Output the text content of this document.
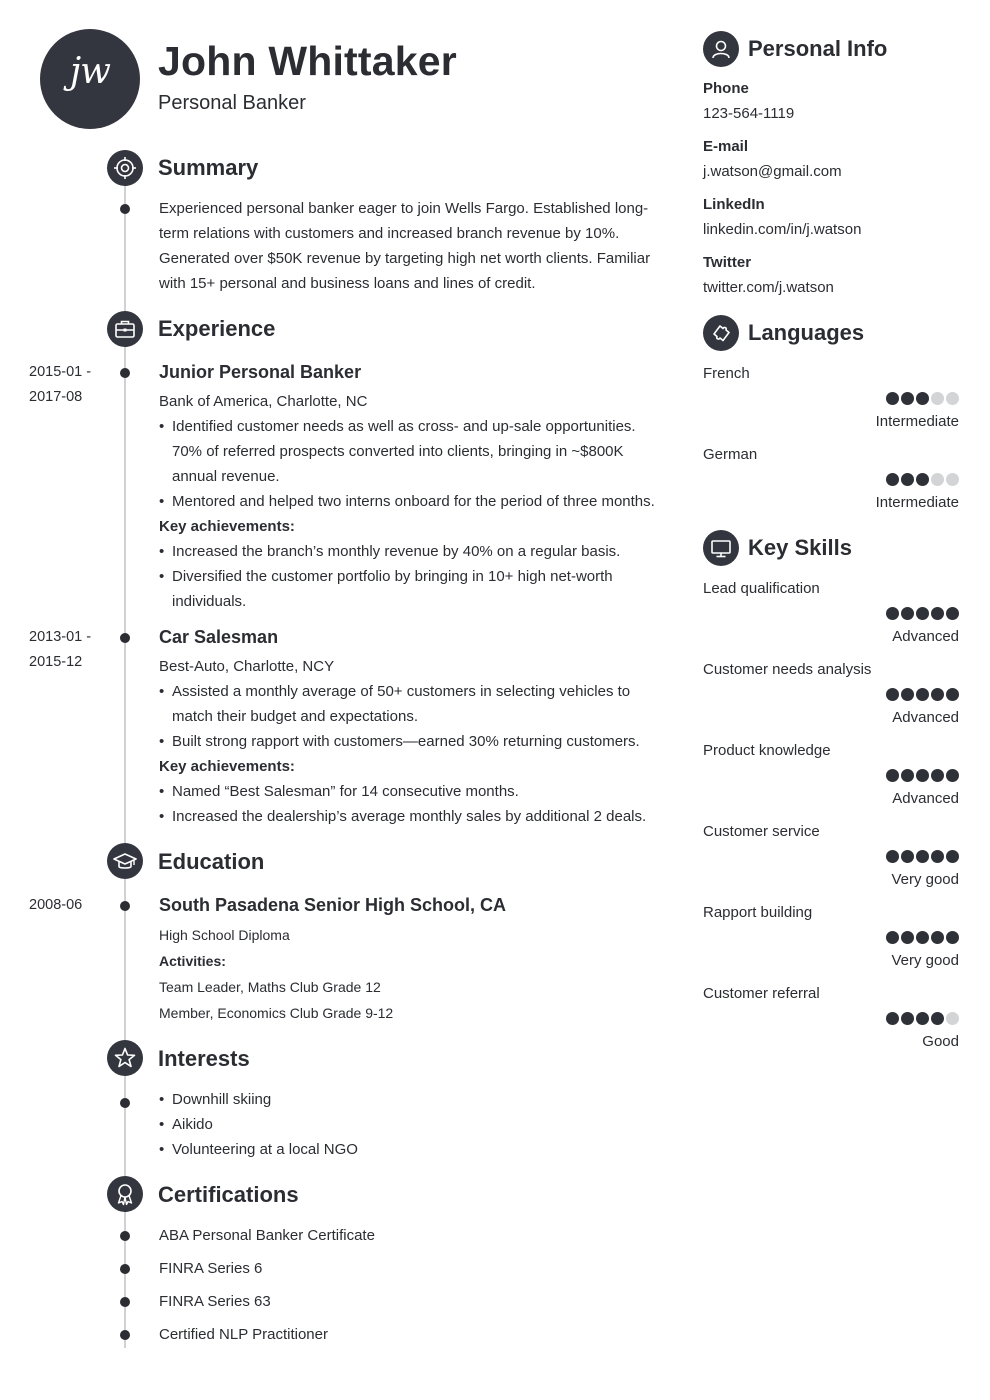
jw	John Whittaker
Personal Banker
Summary
Experienced personal banker eager to join Wells Fargo. Established long-
term relations with customers and increased branch revenue by 10%.
Generated over $50K revenue by targeting high net worth clients. Familiar
with 15+ personal and business loans and lines of credit.
Experience
2015-01 -
2017-08
Junior Personal Banker
Bank of America, Charlotte, NC
• Identified customer needs as well as cross- and up-sale opportunities.
70% of referred prospects converted into clients, bringing in ~$800K
annual revenue.
• Mentored and helped two interns onboard for the period of three months.
Key achievements:
• Increased the branch’s monthly revenue by 40% on a regular basis.
• Diversified the customer portfolio by bringing in 10+ high net-worth
individuals.
2013-01 -
2015-12
Car Salesman
Best-Auto, Charlotte, NCY
• Assisted a monthly average of 50+ customers in selecting vehicles to
match their budget and expectations.
• Built strong rapport with customers—earned 30% returning customers.
Key achievements:
• Named “Best Salesman” for 14 consecutive months.
• Increased the dealership’s average monthly sales by additional 2 deals.
Education
2008-06	South Pasadena Senior High School, CA
High School Diploma
Activities:
Team Leader, Maths Club Grade 12
Member, Economics Club Grade 9-12
Interests
• Downhill skiing
• Aikido
• Volunteering at a local NGO
Certifications
ABA Personal Banker Certificate
FINRA Series 6
FINRA Series 63
Certified NLP Practitioner
Personal Info
Phone
123-564-1119
E-mail
j.watson@gmail.com
LinkedIn
linkedin.com/in/j.watson
Twitter
twitter.com/j.watson
Languages
French
Intermediate
German
Intermediate
Key Skills
Lead qualification
Advanced
Customer needs analysis
Advanced
Product knowledge
Advanced
Customer service
Very good
Rapport building
Very good
Customer referral
Good
